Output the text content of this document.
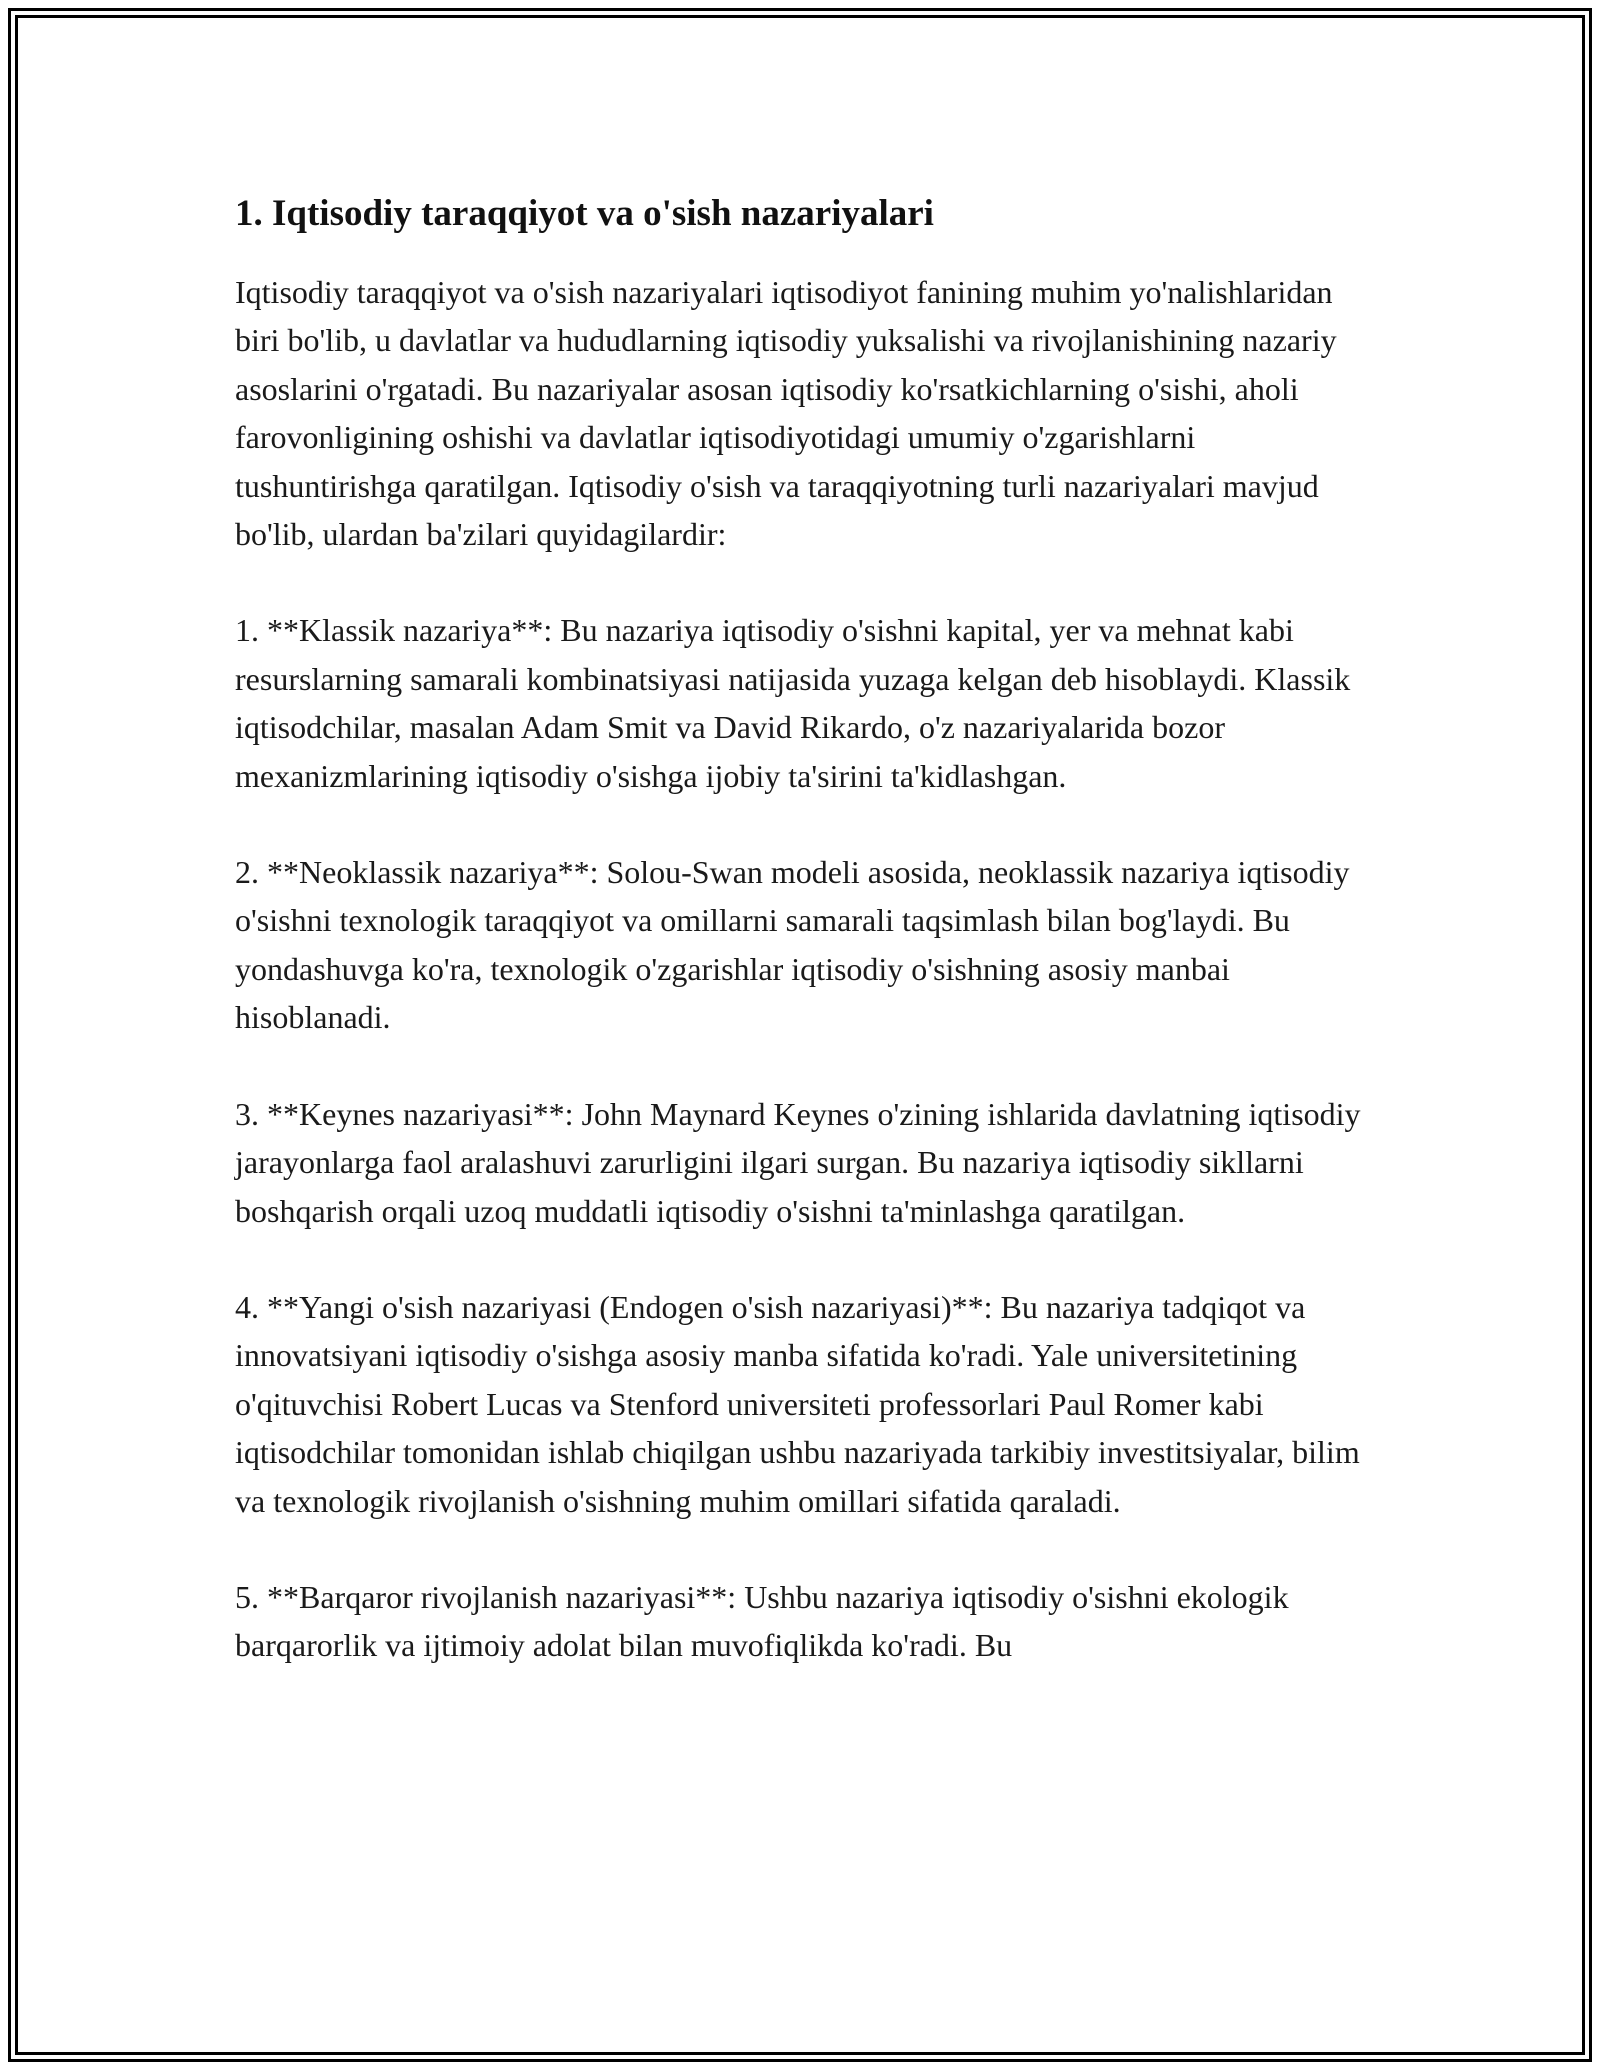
1. Iqtisodiy taraqqiyot va o'sish nazariyalari

Iqtisodiy taraqqiyot va o'sish nazariyalari iqtisodiyot fanining muhim yo'nalishlaridan biri bo'lib, u davlatlar va hududlarning iqtisodiy yuksalishi va rivojlanishining nazariy asoslarini o'rgatadi. Bu nazariyalar asosan iqtisodiy ko'rsatkichlarning o'sishi, aholi farovonligining oshishi va davlatlar iqtisodiyotidagi umumiy o'zgarishlarni tushuntirishga qaratilgan. Iqtisodiy o'sish va taraqqiyotning turli nazariyalari mavjud bo'lib, ulardan ba'zilari quyidagilardir:

1. **Klassik nazariya**: Bu nazariya iqtisodiy o'sishni kapital, yer va mehnat kabi resurslarning samarali kombinatsiyasi natijasida yuzaga kelgan deb hisoblaydi. Klassik iqtisodchilar, masalan Adam Smit va David Rikardo, o'z nazariyalarida bozor mexanizmlarining iqtisodiy o'sishga ijobiy ta'sirini ta'kidlashgan.

2. **Neoklassik nazariya**: Solou-Swan modeli asosida, neoklassik nazariya iqtisodiy o'sishni texnologik taraqqiyot va omillarni samarali taqsimlash bilan bog'laydi. Bu yondashuvga ko'ra, texnologik o'zgarishlar iqtisodiy o'sishning asosiy manbai hisoblanadi.

3. **Keynes nazariyasi**: John Maynard Keynes o'zining ishlarida davlatning iqtisodiy jarayonlarga faol aralashuvi zarurligini ilgari surgan. Bu nazariya iqtisodiy sikllarni boshqarish orqali uzoq muddatli iqtisodiy o'sishni ta'minlashga qaratilgan.

4. **Yangi o'sish nazariyasi (Endogen o'sish nazariyasi)**: Bu nazariya tadqiqot va innovatsiyani iqtisodiy o'sishga asosiy manba sifatida ko'radi. Yale universitetining o'qituvchisi Robert Lucas va Stenford universiteti professorlari Paul Romer kabi iqtisodchilar tomonidan ishlab chiqilgan ushbu nazariyada tarkibiy investitsiyalar, bilim va texnologik rivojlanish o'sishning muhim omillari sifatida qaraladi.

5. **Barqaror rivojlanish nazariyasi**: Ushbu nazariya iqtisodiy o'sishni ekologik barqarorlik va ijtimoiy adolat bilan muvofiqlikda ko'radi. Bu
